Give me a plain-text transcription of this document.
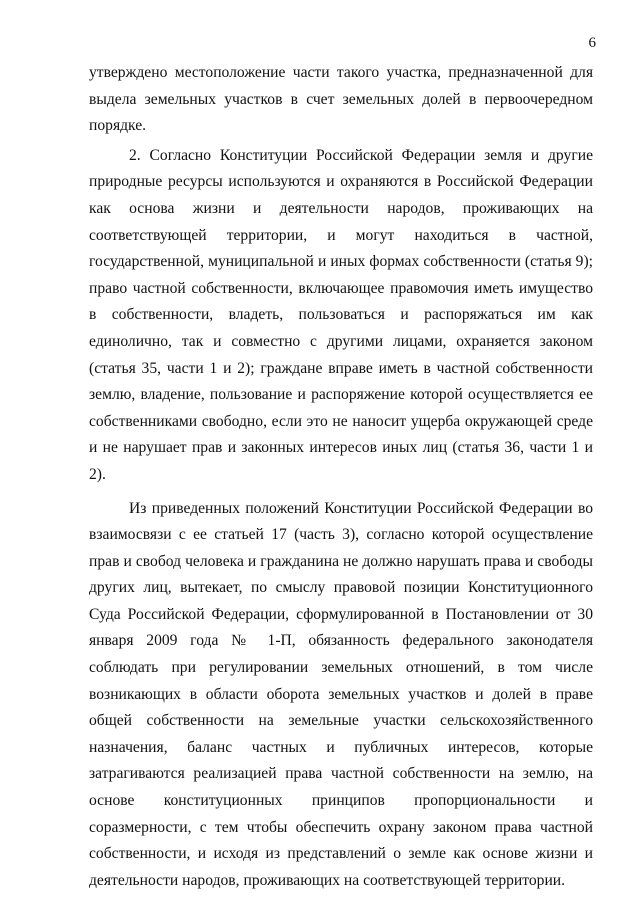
6

утверждено местоположение части такого участка, предназначенной для выдела земельных участков в счет земельных долей в первоочередном порядке.

2. Согласно Конституции Российской Федерации земля и другие природные ресурсы используются и охраняются в Российской Федерации как основа жизни и деятельности народов, проживающих на соответствующей территории, и могут находиться в частной, государственной, муниципальной и иных формах собственности (статья 9); право частной собственности, включающее правомочия иметь имущество в собственности, владеть, пользоваться и распоряжаться им как единолично, так и совместно с другими лицами, охраняется законом (статья 35, части 1 и 2); граждане вправе иметь в частной собственности землю, владение, пользование и распоряжение которой осуществляется ее собственниками свободно, если это не наносит ущерба окружающей среде и не нарушает прав и законных интересов иных лиц (статья 36, части 1 и 2).

Из приведенных положений Конституции Российской Федерации во взаимосвязи с ее статьей 17 (часть 3), согласно которой осуществление прав и свобод человека и гражданина не должно нарушать права и свободы других лиц, вытекает, по смыслу правовой позиции Конституционного Суда Российской Федерации, сформулированной в Постановлении от 30 января 2009 года № 1-П, обязанность федерального законодателя соблюдать при регулировании земельных отношений, в том числе возникающих в области оборота земельных участков и долей в праве общей собственности на земельные участки сельскохозяйственного назначения, баланс частных и публичных интересов, которые затрагиваются реализацией права частной собственности на землю, на основе конституционных принципов пропорциональности и соразмерности, с тем чтобы обеспечить охрану законом права частной собственности, и исходя из представлений о земле как основе жизни и деятельности народов, проживающих на соответствующей территории.
